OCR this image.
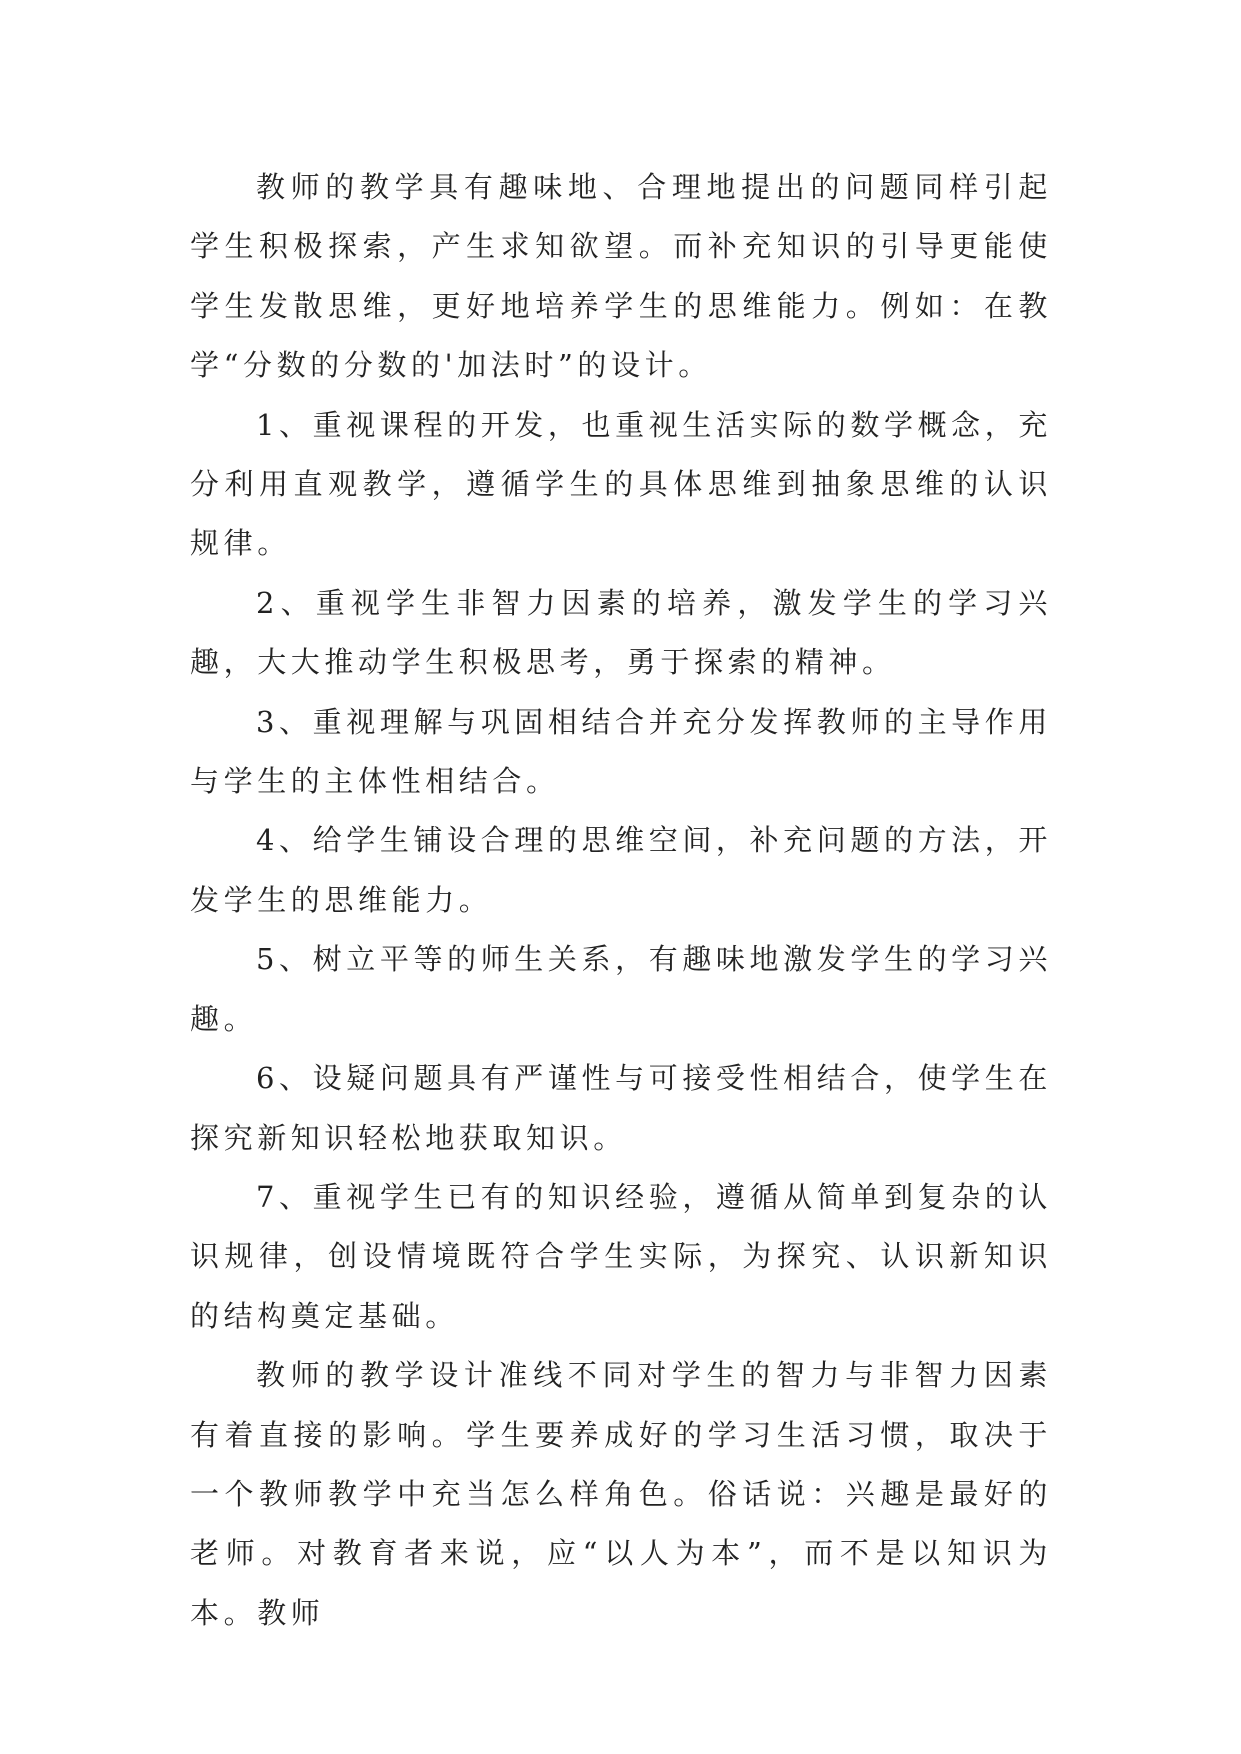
教师的教学具有趣味地、合理地提出的问题同样引起学生积极探索，产生求知欲望。而补充知识的引导更能使学生发散思维，更好地培养学生的思维能力。例如：在教学“分数的分数的'加法时”的设计。

1、重视课程的开发，也重视生活实际的数学概念，充分利用直观教学，遵循学生的具体思维到抽象思维的认识规律。

2、重视学生非智力因素的培养，激发学生的学习兴趣，大大推动学生积极思考，勇于探索的精神。

3、重视理解与巩固相结合并充分发挥教师的主导作用与学生的主体性相结合。

4、给学生铺设合理的思维空间，补充问题的方法，开发学生的思维能力。

5、树立平等的师生关系，有趣味地激发学生的学习兴趣。

6、设疑问题具有严谨性与可接受性相结合，使学生在探究新知识轻松地获取知识。

7、重视学生已有的知识经验，遵循从简单到复杂的认识规律，创设情境既符合学生实际，为探究、认识新知识的结构奠定基础。

教师的教学设计准线不同对学生的智力与非智力因素有着直接的影响。学生要养成好的学习生活习惯，取决于一个教师教学中充当怎么样角色。俗话说：兴趣是最好的老师。对教育者来说，应“以人为本”，而不是以知识为本。教师
